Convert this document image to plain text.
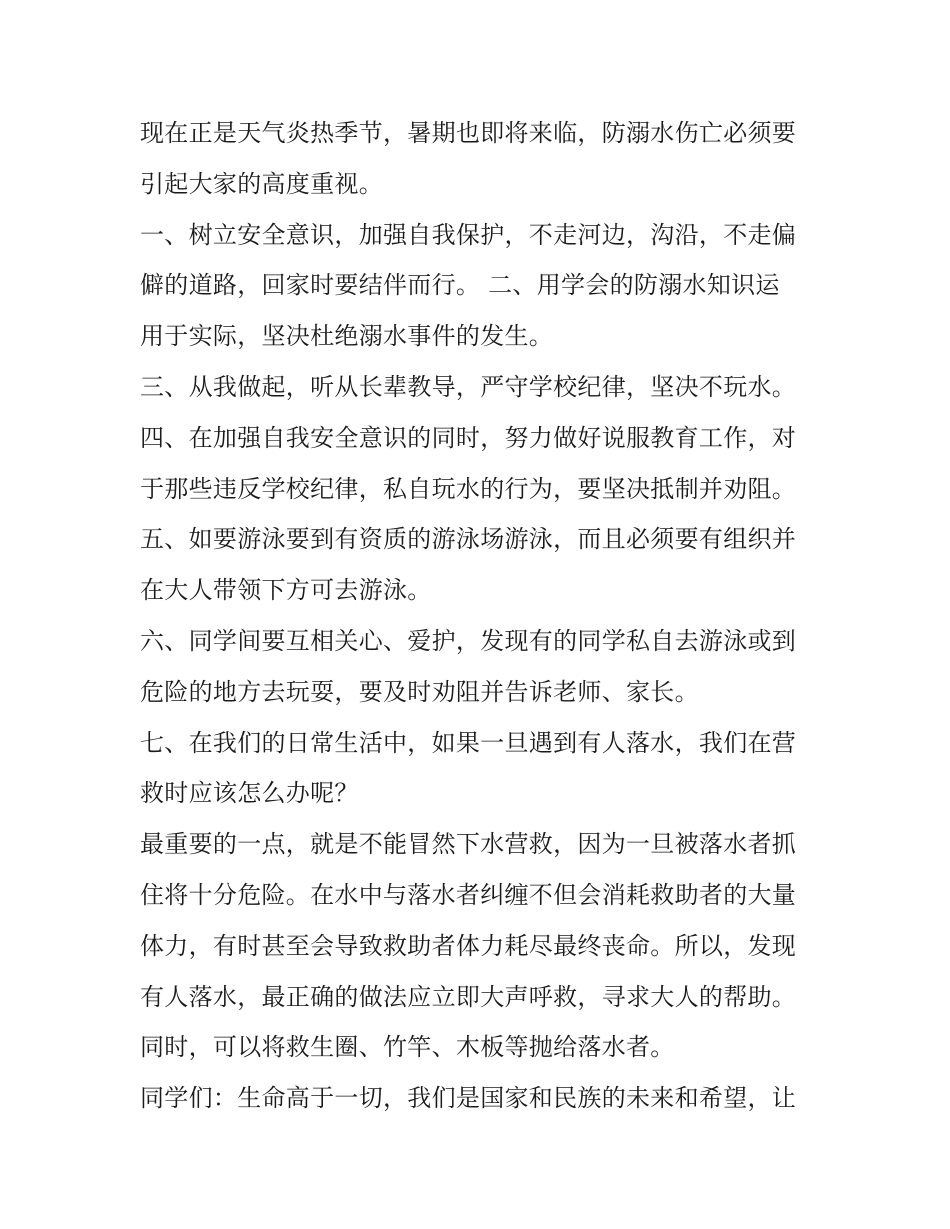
现在正是天气炎热季节，暑期也即将来临，防溺水伤亡必须要
引起大家的高度重视。
一、树立安全意识，加强自我保护，不走河边，沟沿，不走偏
僻的道路，回家时要结伴而行。 二、用学会的防溺水知识运
用于实际，坚决杜绝溺水事件的发生。
三、从我做起，听从长辈教导，严守学校纪律，坚决不玩水。
四、在加强自我安全意识的同时，努力做好说服教育工作，对
于那些违反学校纪律，私自玩水的行为，要坚决抵制并劝阻。
五、如要游泳要到有资质的游泳场游泳，而且必须要有组织并
在大人带领下方可去游泳。
六、同学间要互相关心、爱护，发现有的同学私自去游泳或到
危险的地方去玩耍，要及时劝阻并告诉老师、家长。
七、在我们的日常生活中，如果一旦遇到有人落水，我们在营
救时应该怎么办呢？
最重要的一点，就是不能冒然下水营救，因为一旦被落水者抓
住将十分危险。在水中与落水者纠缠不但会消耗救助者的大量
体力，有时甚至会导致救助者体力耗尽最终丧命。所以，发现
有人落水，最正确的做法应立即大声呼救，寻求大人的帮助。
同时，可以将救生圈、竹竿、木板等抛给落水者。
同学们：生命高于一切，我们是国家和民族的未来和希望，让
